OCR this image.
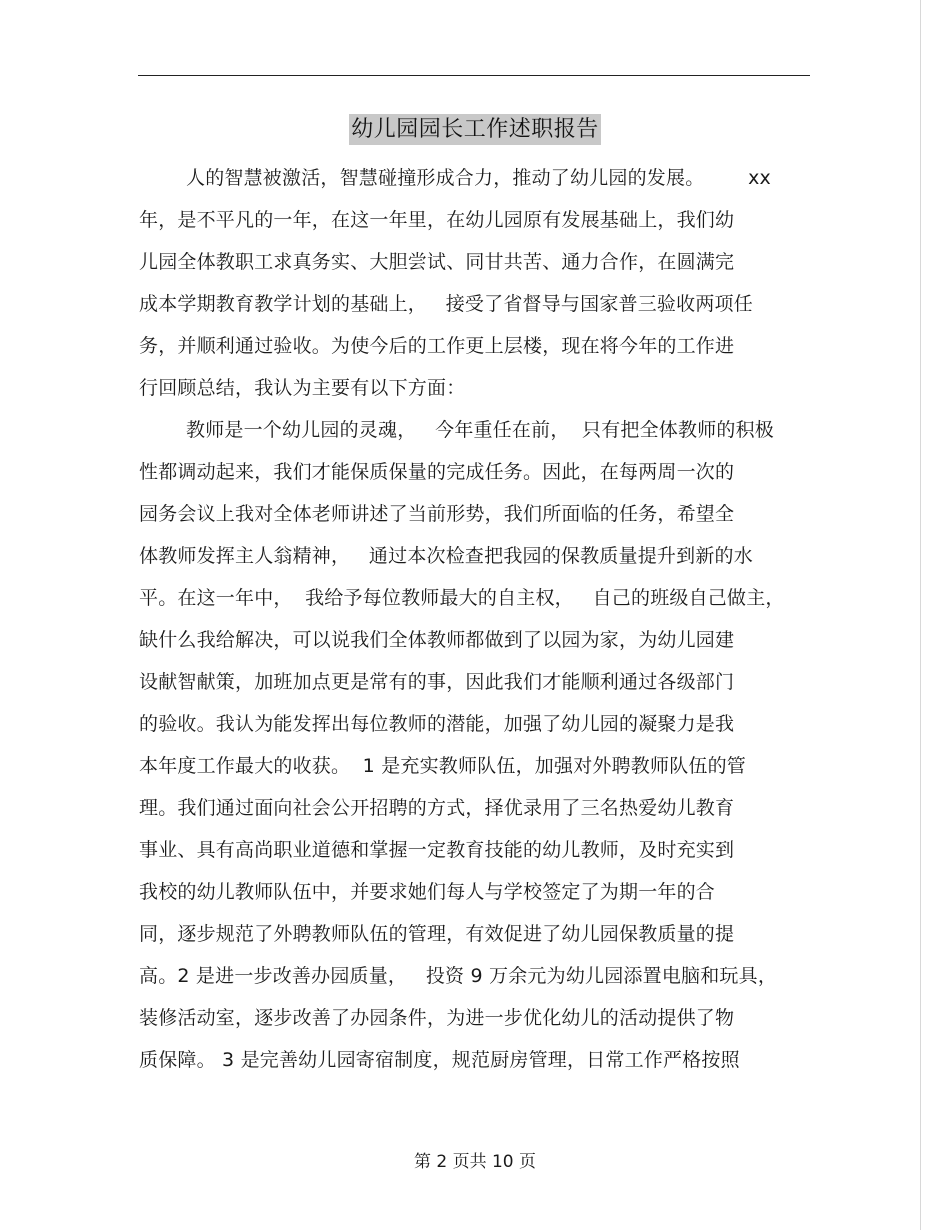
幼儿园园长工作述职报告
人的智慧被激活，智慧碰撞形成合力，推动了幼儿园的发展。       xx
年，是不平凡的一年，在这一年里，在幼儿园原有发展基础上，我们幼
儿园全体教职工求真务实、大胆尝试、同甘共苦、通力合作，在圆满完
成本学期教育教学计划的基础上，   接受了省督导与国家普三验收两项任
务，并顺利通过验收。为使今后的工作更上层楼，现在将今年的工作进
行回顾总结，我认为主要有以下方面：
教师是一个幼儿园的灵魂，   今年重任在前，  只有把全体教师的积极
性都调动起来，我们才能保质保量的完成任务。因此，在每两周一次的
园务会议上我对全体老师讲述了当前形势，我们所面临的任务，希望全
体教师发挥主人翁精神，   通过本次检查把我园的保教质量提升到新的水
平。在这一年中，  我给予每位教师最大的自主权，   自己的班级自己做主，
缺什么我给解决，可以说我们全体教师都做到了以园为家，为幼儿园建
设献智献策，加班加点更是常有的事，因此我们才能顺利通过各级部门
的验收。我认为能发挥出每位教师的潜能，加强了幼儿园的凝聚力是我
本年度工作最大的收获。  1 是充实教师队伍，加强对外聘教师队伍的管
理。我们通过面向社会公开招聘的方式，择优录用了三名热爱幼儿教育
事业、具有高尚职业道德和掌握一定教育技能的幼儿教师，及时充实到
我校的幼儿教师队伍中，并要求她们每人与学校签定了为期一年的合
同，逐步规范了外聘教师队伍的管理，有效促进了幼儿园保教质量的提
高。2 是进一步改善办园质量，   投资 9 万余元为幼儿园添置电脑和玩具，
装修活动室，逐步改善了办园条件，为进一步优化幼儿的活动提供了物
质保障。 3 是完善幼儿园寄宿制度，规范厨房管理，日常工作严格按照
第 2 页共 10 页
